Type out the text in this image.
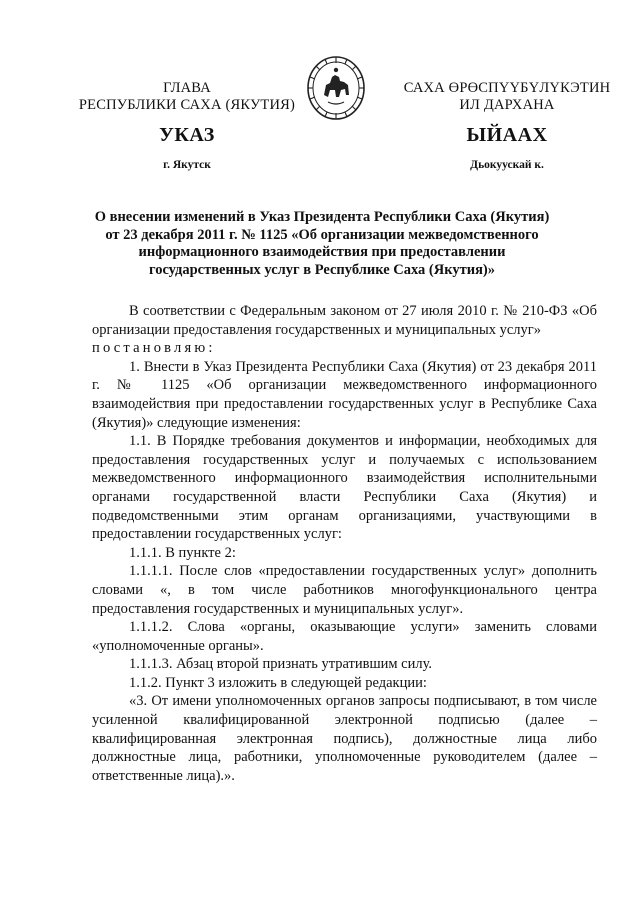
ГЛАВА
РЕСПУБЛИКИ САХА (ЯКУТИЯ)
САХА ӨРӨСПҮҮБҮЛҮКЭТИН
ИЛ ДАРХАНА
УКАЗ	ЫЙААХ
г. Якутск	Дьокуускай к.
О внесении изменений в Указ Президента Республики Саха (Якутия)
от 23 декабря 2011 г. № 1125 «Об организации межведомственного
информационного взаимодействия при предоставлении
государственных услуг в Республике Саха (Якутия)»

В соответствии с Федеральным законом от 27 июля 2010 г. № 210-ФЗ «Об организации предоставления государственных и муниципальных услуг»

постановляю:

1. Внести в Указ Президента Республики Саха (Якутия) от 23 декабря 2011 г. № 1125 «Об организации межведомственного информационного взаимодействия при предоставлении государственных услуг в Республике Саха (Якутия)» следующие изменения:

1.1. В Порядке требования документов и информации, необходимых для предоставления государственных услуг и получаемых с использованием межведомственного информационного взаимодействия исполнительными органами государственной власти Республики Саха (Якутия) и подведомственными этим органам организациями, участвующими в предоставлении государственных услуг:

1.1.1. В пункте 2:

1.1.1.1. После слов «предоставлении государственных услуг» дополнить словами «, в том числе работников многофункционального центра предоставления государственных и муниципальных услуг».

1.1.1.2. Слова «органы, оказывающие услуги» заменить словами «уполномоченные органы».

1.1.1.3. Абзац второй признать утратившим силу.

1.1.2. Пункт 3 изложить в следующей редакции:

«3. От имени уполномоченных органов запросы подписывают, в том числе усиленной квалифицированной электронной подписью (далее – квалифицированная электронная подпись), должностные лица либо должностные лица, работники, уполномоченные руководителем (далее – ответственные лица).».
